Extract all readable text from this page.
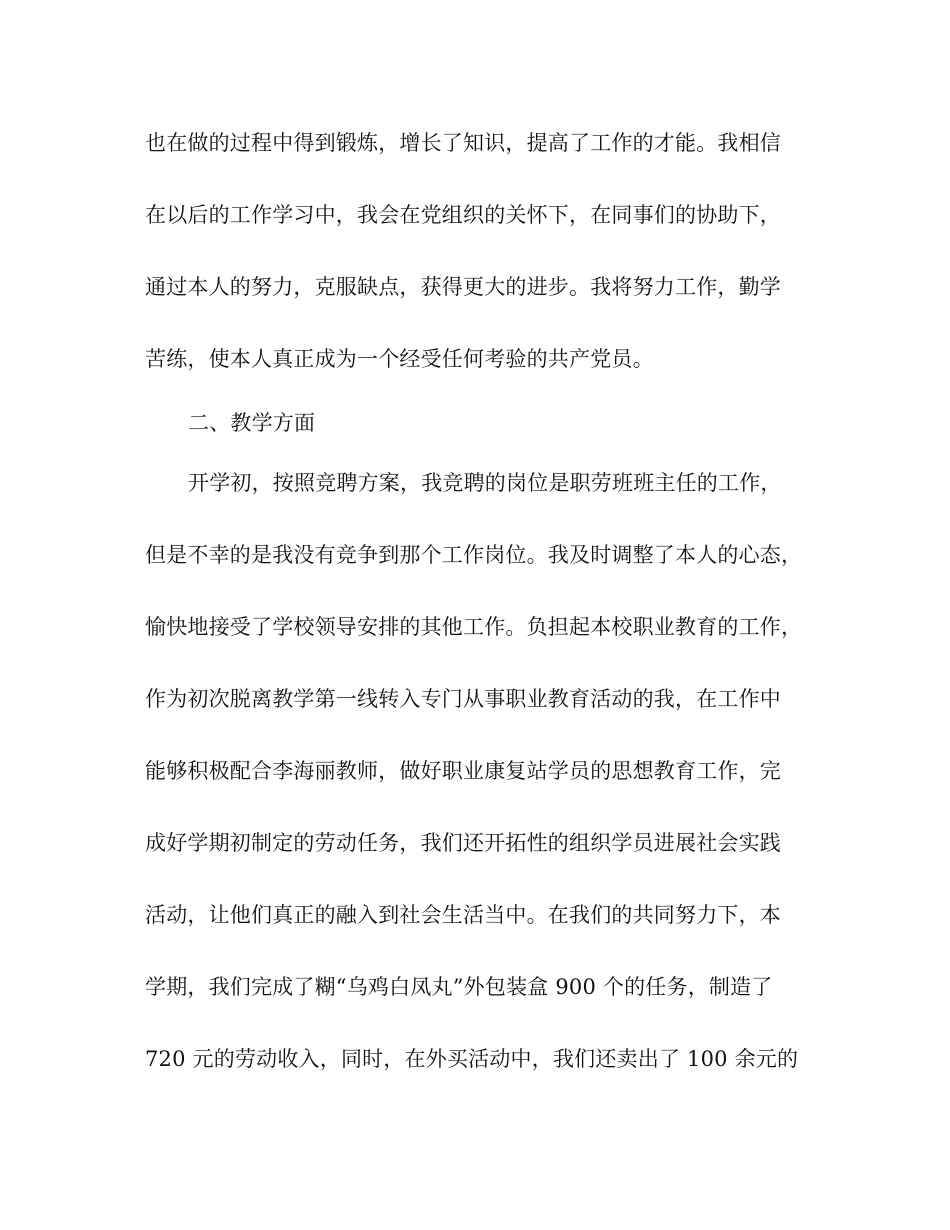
也在做的过程中得到锻炼，增长了知识，提高了工作的才能。我相信
在以后的工作学习中，我会在党组织的关怀下，在同事们的协助下，
通过本人的努力，克服缺点，获得更大的进步。我将努力工作，勤学
苦练，使本人真正成为一个经受任何考验的共产党员。
二、教学方面
开学初，按照竞聘方案，我竞聘的岗位是职劳班班主任的工作，
但是不幸的是我没有竞争到那个工作岗位。我及时调整了本人的心态，
愉快地接受了学校领导安排的其他工作。负担起本校职业教育的工作，
作为初次脱离教学第一线转入专门从事职业教育活动的我，在工作中
能够积极配合李海丽教师，做好职业康复站学员的思想教育工作，完
成好学期初制定的劳动任务，我们还开拓性的组织学员进展社会实践
活动，让他们真正的融入到社会生活当中。在我们的共同努力下，本
学期，我们完成了糊“乌鸡白凤丸”外包装盒 900 个的任务，制造了
720 元的劳动收入，同时，在外买活动中，我们还卖出了 100 余元的
